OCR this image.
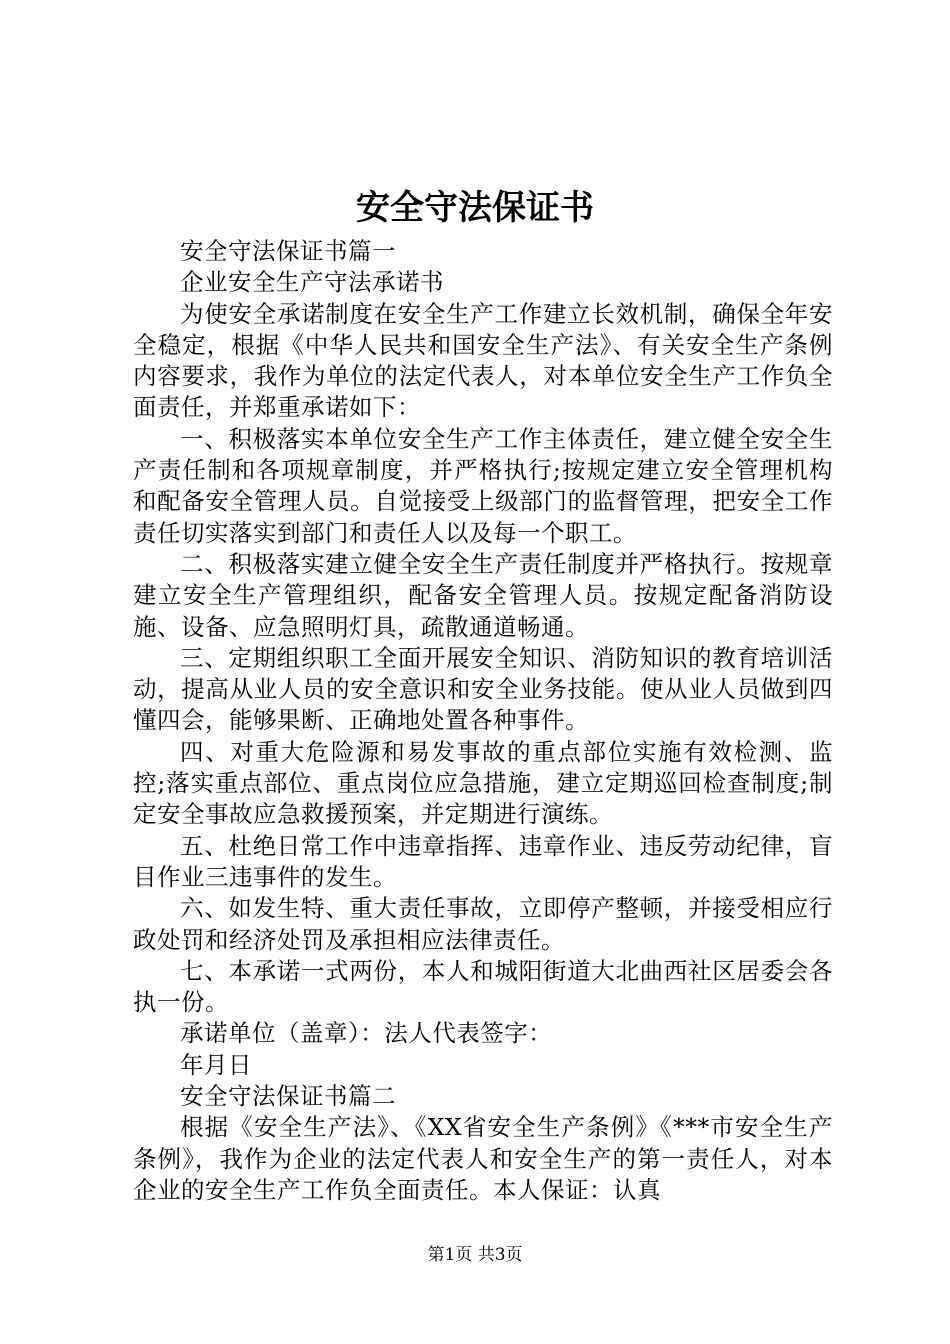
安全守法保证书

安全守法保证书篇一

企业安全生产守法承诺书

为使安全承诺制度在安全生产工作建立长效机制，确保全年安全稳定，根据《中华人民共和国安全生产法》、有关安全生产条例内容要求，我作为单位的法定代表人，对本单位安全生产工作负全面责任，并郑重承诺如下：

一、积极落实本单位安全生产工作主体责任，建立健全安全生产责任制和各项规章制度，并严格执行;按规定建立安全管理机构和配备安全管理人员。自觉接受上级部门的监督管理，把安全工作责任切实落实到部门和责任人以及每一个职工。

二、积极落实建立健全安全生产责任制度并严格执行。按规章建立安全生产管理组织，配备安全管理人员。按规定配备消防设施、设备、应急照明灯具，疏散通道畅通。

三、定期组织职工全面开展安全知识、消防知识的教育培训活动，提高从业人员的安全意识和安全业务技能。使从业人员做到四懂四会，能够果断、正确地处置各种事件。

四、对重大危险源和易发事故的重点部位实施有效检测、监控;落实重点部位、重点岗位应急措施，建立定期巡回检查制度;制定安全事故应急救援预案，并定期进行演练。

五、杜绝日常工作中违章指挥、违章作业、违反劳动纪律，盲目作业三违事件的发生。

六、如发生特、重大责任事故，立即停产整顿，并接受相应行政处罚和经济处罚及承担相应法律责任。

七、本承诺一式两份，本人和城阳街道大北曲西社区居委会各执一份。

承诺单位（盖章）：法人代表签字：

年月日

安全守法保证书篇二

根据《安全生产法》、《XX省安全生产条例》《***市安全生产条例》，我作为企业的法定代表人和安全生产的第一责任人，对本企业的安全生产工作负全面责任。本人保证：认真

第1页 共3页
